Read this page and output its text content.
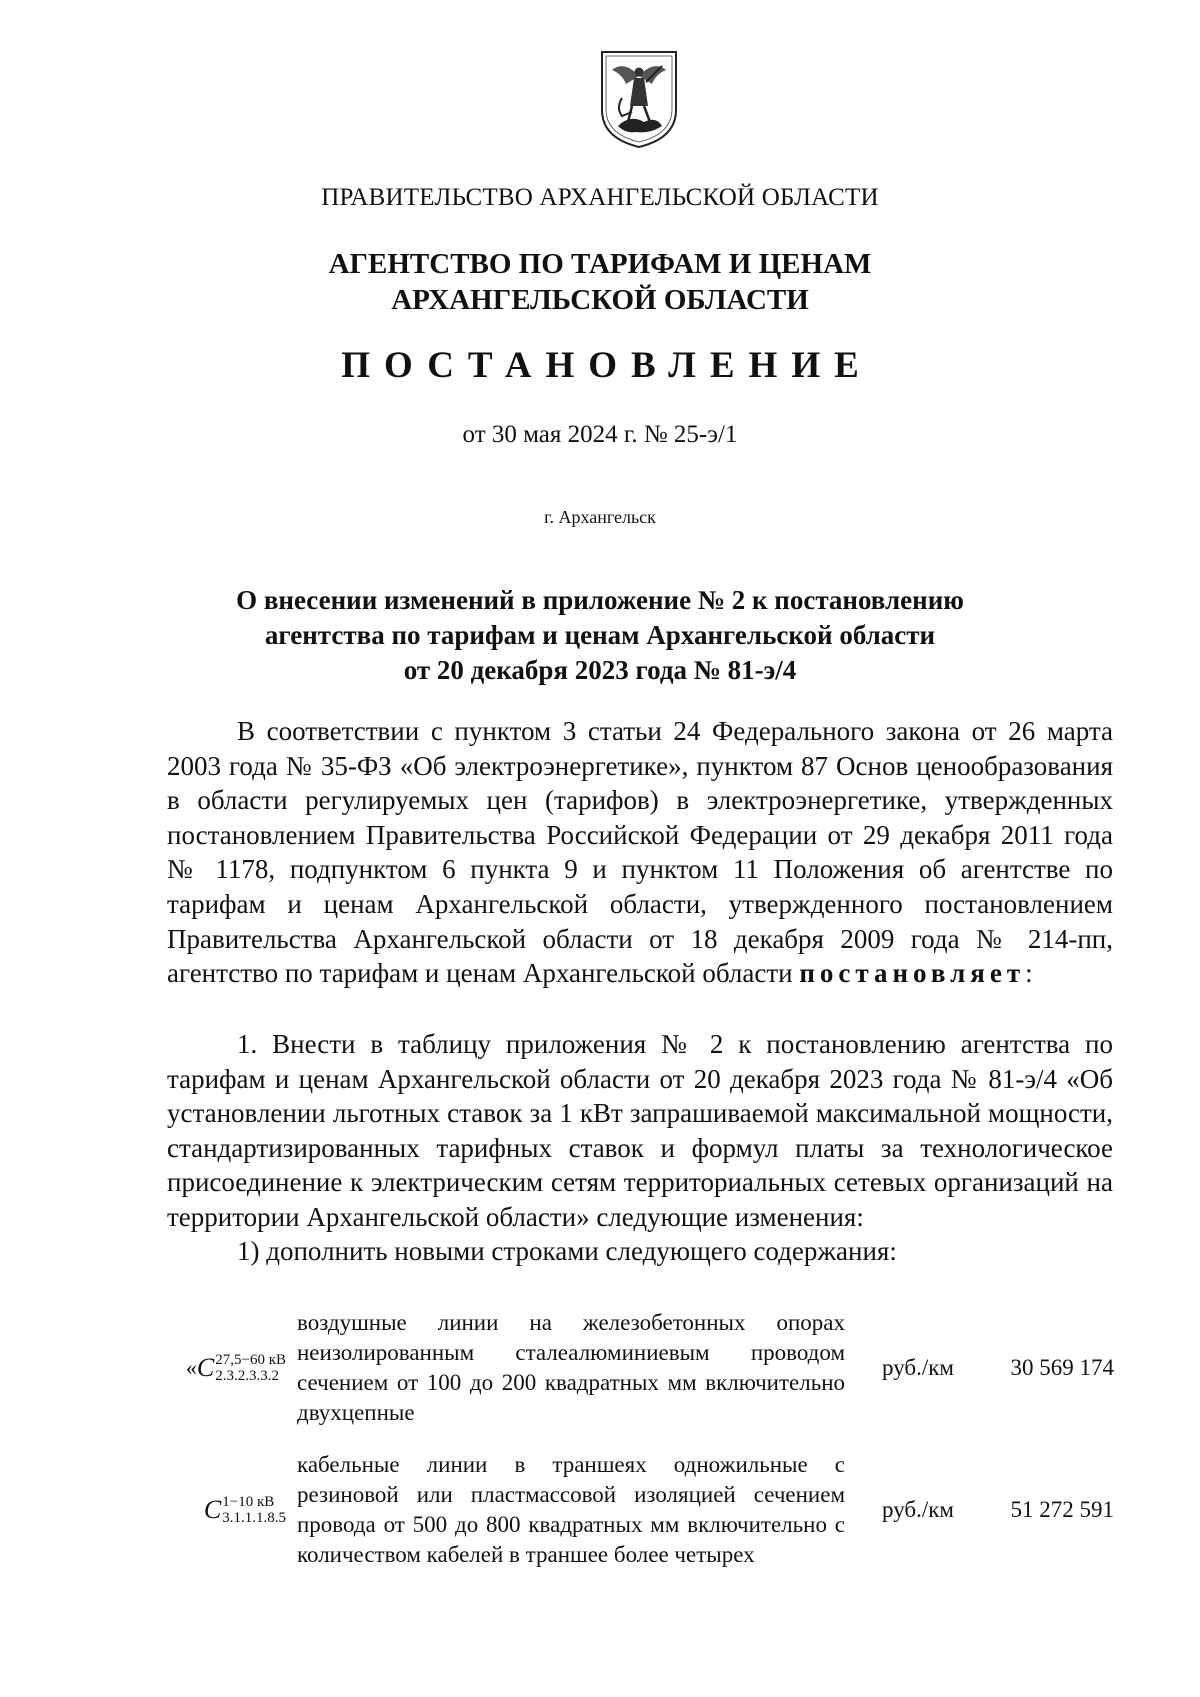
ПРАВИТЕЛЬСТВО АРХАНГЕЛЬСКОЙ ОБЛАСТИ
АГЕНТСТВО ПО ТАРИФАМ И ЦЕНАМ
АРХАНГЕЛЬСКОЙ ОБЛАСТИ
ПОСТАНОВЛЕНИЕ
от 30 мая 2024 г. № 25-э/1
г. Архангельск
О внесении изменений в приложение № 2 к постановлению
агентства по тарифам и ценам Архангельской области
от 20 декабря 2023 года № 81-э/4
В соответствии с пунктом 3 статьи 24 Федерального закона от 26 марта 2003 года № 35-ФЗ «Об электроэнергетике», пунктом 87 Основ ценообразования в области регулируемых цен (тарифов) в электроэнергетике, утвержденных постановлением Правительства Российской Федерации от 29 декабря 2011 года № 1178, подпунктом 6 пункта 9 и пунктом 11 Положения об агентстве по тарифам и ценам Архангельской области, утвержденного постановлением Правительства Архангельской области от 18 декабря 2009 года № 214-пп, агентство по тарифам и ценам Архангельской области постановляет:
1. Внести в таблицу приложения № 2 к постановлению агентства по тарифам и ценам Архангельской области от 20 декабря 2023 года № 81-э/4 «Об установлении льготных ставок за 1 кВт запрашиваемой максимальной мощности, стандартизированных тарифных ставок и формул платы за технологическое присоединение к электрическим сетям территориальных сетевых организаций на территории Архангельской области» следующие изменения:
1) дополнить новыми строками следующего содержания:
« C 27,5−60 кВ
2.3.2.3.3.2
воздушные линии на железобетонных опорах неизолированным сталеалюминиевым проводом сечением от 100 до 200 квадратных мм включительно двухцепные
руб./км	30 569 174
C 1−10 кВ
3.1.1.1.8.5
кабельные линии в траншеях одножильные с резиновой или пластмассовой изоляцией сечением провода от 500 до 800 квадратных мм включительно с количеством кабелей в траншее более четырех
руб./км	51 272 591
